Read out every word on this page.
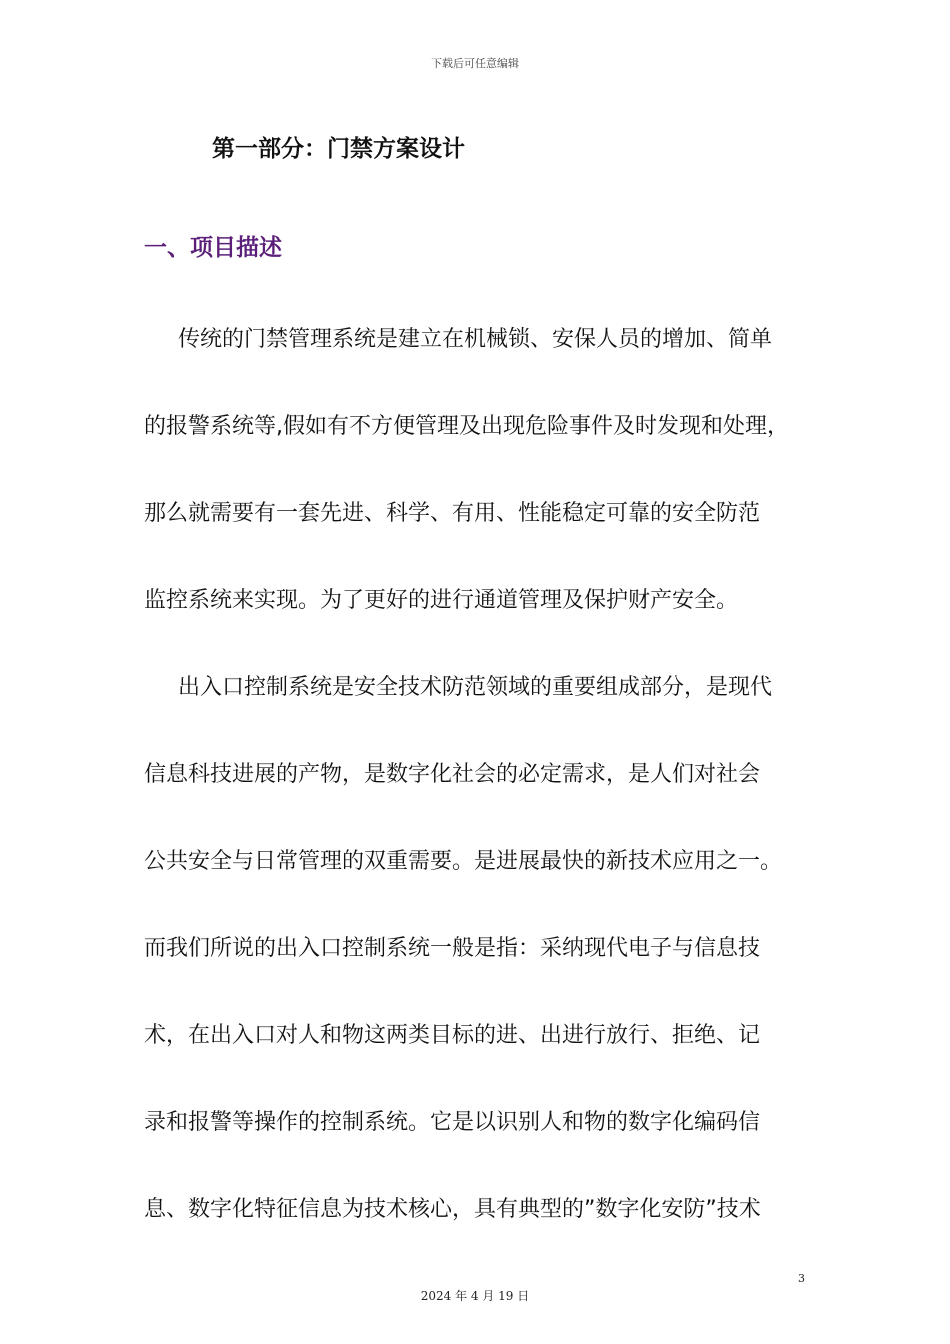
下载后可任意编辑
第一部分：门禁方案设计
一、项目描述
传统的门禁管理系统是建立在机械锁、安保人员的增加、简单
的报警系统等,假如有不方便管理及出现危险事件及时发现和处理，
那么就需要有一套先进、科学、有用、性能稳定可靠的安全防范
监控系统来实现。为了更好的进行通道管理及保护财产安全。
出入口控制系统是安全技术防范领域的重要组成部分，是现代
信息科技进展的产物，是数字化社会的必定需求，是人们对社会
公共安全与日常管理的双重需要。是进展最快的新技术应用之一。
而我们所说的出入口控制系统一般是指：采纳现代电子与信息技
术，在出入口对人和物这两类目标的进、出进行放行、拒绝、记
录和报警等操作的控制系统。它是以识别人和物的数字化编码信
息、数字化特征信息为技术核心，具有典型的”数字化安防”技术
3
2024 年 4 月 19 日
